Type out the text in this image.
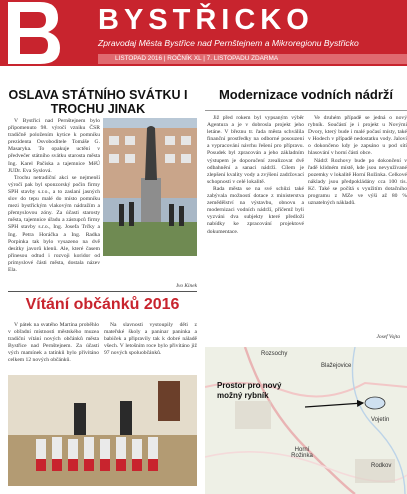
BYSTŘICKO
Zpravodaj Města Bystřice nad Pernštejnem a Mikroregionu Bystřicko
LISTOPAD 2016 | ROČNÍK XL | 7. LISTOPADU ZDARMA
OSLAVA STÁTNÍHO SVÁTKU I TROCHU JINAK

V Bystřici nad Pernštejnem bylo připomenuto 98. výročí vzniku ČSR tradičně položením kytice k pomníku prezidenta Osvoboditele Tomáše G. Masaryka. To opakuje uctění v předvečer státního svátku starosta města Ing. Karel Pačiska a tajemnice MěÚ JUDr. Eva Syslová.

Trochu netradiční akci se nejmenší výročí pak byl sponzorský počin firmy SPH stavby s.r.o., a to zaslaní jasných slov do tepu malé do místo pomníku mezi bystřickým vlakovým nádražím a přemyslovou zóny. Za účasti starosty města, tajemnice úřadu a zástupců firmy SPH stavby s.r.o., Ing. Josefa Trčky a Ing. Petra Horáčka a Ing. Radka Porpinka tak bylo vysazeno na dvě desítky javorů klenů. Ale, které časem přinesou odtud i rozvoji koridor od prímyslové části města, dostala název Ela.

Ivo Kinek
Vítání občánků 2016

V pátek na svatého Martina proběhlo v obřadní místnosti městského muzea tradiční vítání nových občánků města Bystřice nad Pernštejnem. Za účasti vých mamínek a tatínků bylo přivítáno celkem 12 nových občánků.

Na slavnosti vystoupily děti z mateřské školy a paninar paninka a babiček a připravily tak k dobré náladě všech. V letošním roce bylo přivítáno již 97 nových spoluobčánků.

Modernizace vodních nádrží

Již před rokem byl vypsaným výběr Agentura a je v dobrosla projekt jeho letáne. V březnu tr. řada města schválila finanční prostředky na odborné posouzení a vypracování návrhu řešení pro přípravu. Posudek byl zpracován a jeho základním výstupem je doporučení zrealizovat dvě odbahnění a sanaci nádrží. Cílem je zlepšení kvality vody a zvýšení zadržovací schopnosti v celé lokalitě.

Rada města se na své schůzi také zabývala možností dotace z ministerstva zemědělství na výstavbu, obnovu a modernizaci vodních nádrží, přičemž byli vyzváni dva subjekty které předloží nabídky ke zpracování projektové dokumentace.

Ve druhém případě se jedná o nový rybník. Součástí je i projekt u Novými Dvory, který bude i malé počasí místy, také v Hodech v případě nedostatku vody. Jaloví o dokončeno kdy je zapsáno u pod sítí hlasování v horní části obce.

Nádrž Rozhovy bude po dokončení v řadě klidném místě, kde jsou nevyužívané pozemky v lokalitě Horní Rožinka. Celkové náklady jsou předpokládány cca 100 tis. Kč. Také se počítá s využitím dotačního programu z MZe ve výši až 80 % uznatelných nákladů.

Josef Vojta
Rozsochy
Blažejovice
Horní Rožinka
Rodkov
Vojetín
Prostor pro nový možný rybník
